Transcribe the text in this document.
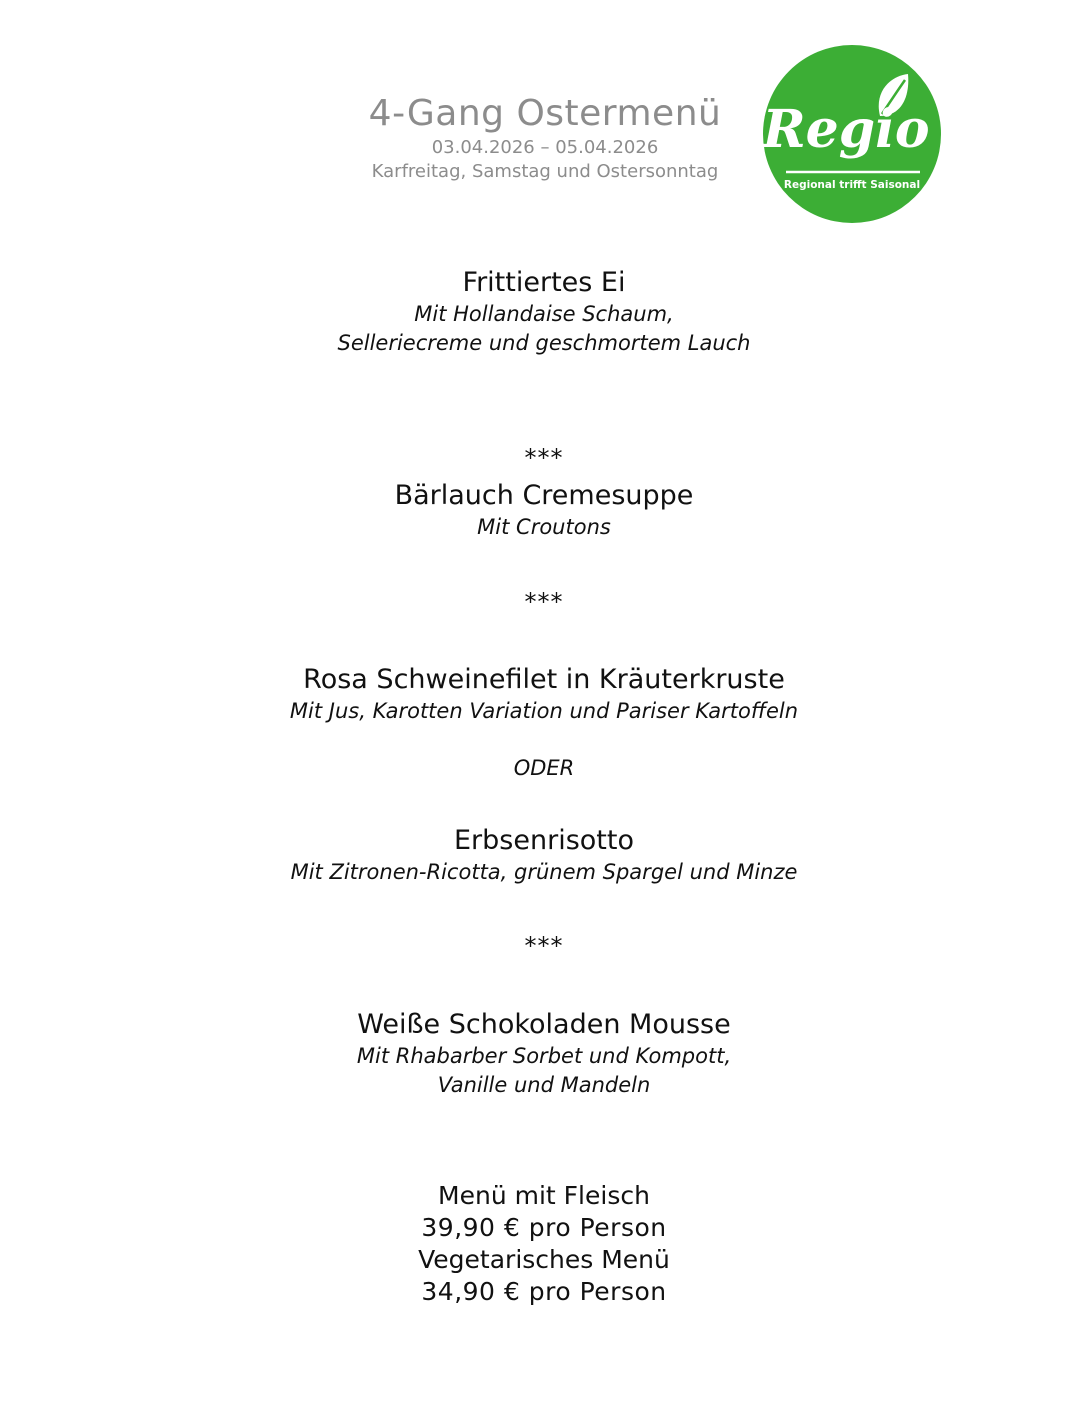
4-Gang Ostermenü
03.04.2026 – 05.04.2026
Karfreitag, Samstag und Ostersonntag
Regio
Regional trifft Saisonal
Frittiertes Ei
Mit Hollandaise Schaum,
Selleriecreme und geschmortem Lauch
***
Bärlauch Cremesuppe
Mit Croutons
***
Rosa Schweinefilet in Kräuterkruste
Mit Jus, Karotten Variation und Pariser Kartoffeln
ODER
Erbsenrisotto
Mit Zitronen-Ricotta, grünem Spargel und Minze
***
Weiße Schokoladen Mousse
Mit Rhabarber Sorbet und Kompott,
Vanille und Mandeln
Menü mit Fleisch
39,90 € pro Person
Vegetarisches Menü
34,90 € pro Person
